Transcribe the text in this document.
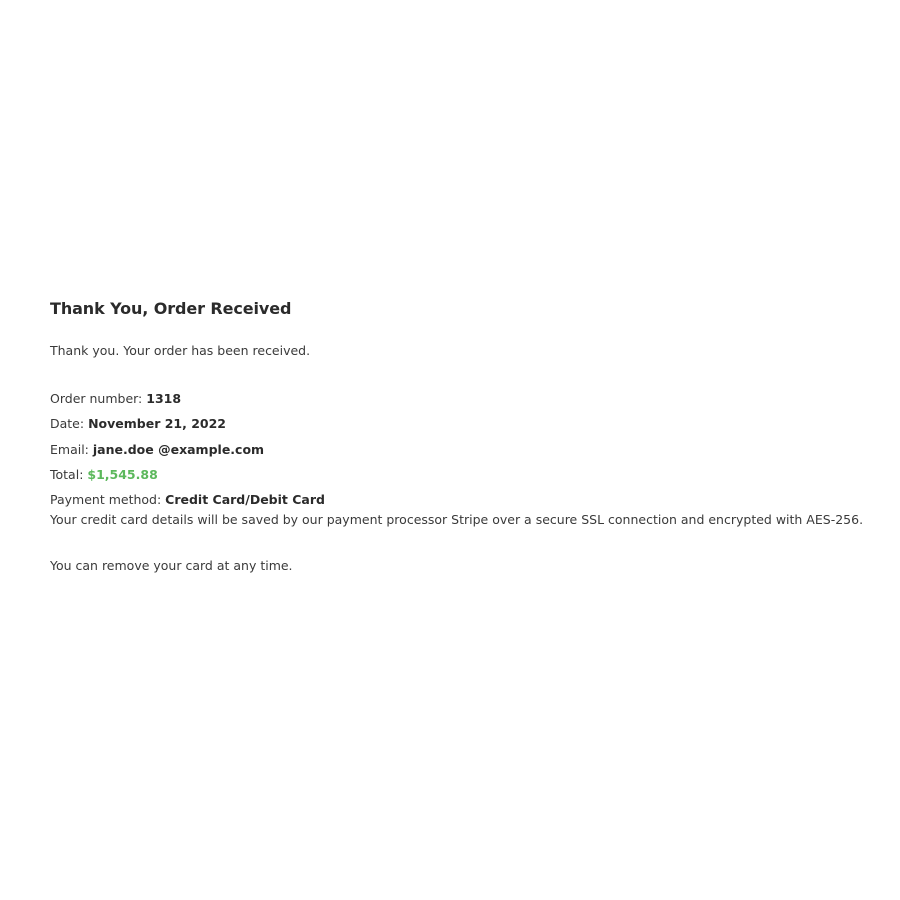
Thank You, Order Received

Thank you. Your order has been received.

Order number: 1318
Date: November 21, 2022
Email: jane.doe @example.com
Total: $1,545.88
Payment method: Credit Card/Debit Card

Your credit card details will be saved by our payment processor Stripe over a secure SSL connection and encrypted with AES-256.

You can remove your card at any time.
